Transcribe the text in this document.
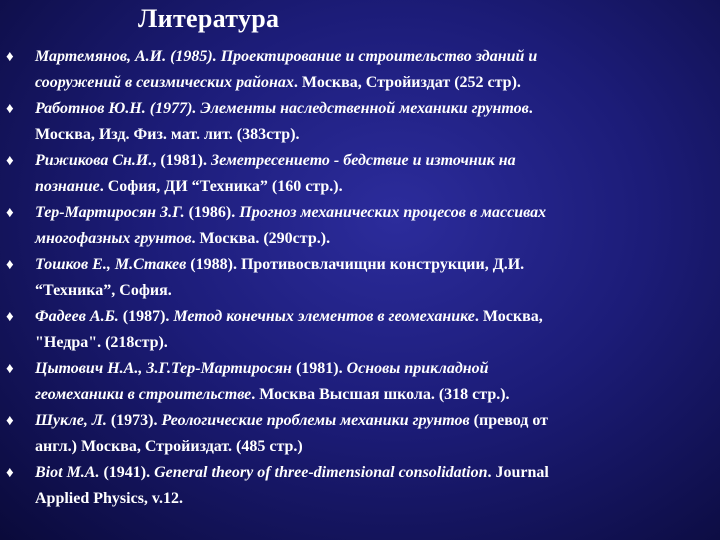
Литература
♦	Мартемянов, А.И. (1985). Проектирование и строительство зданий и
сооружений в сеизмических районах. Москва, Стройиздат (252 стр).
♦	Работнов Ю.Н. (1977). Элементы наследственной механики грунтов.
Москва, Изд. Физ. мат. лит. (383стр).
♦	Рижикова Сн.И., (1981). Земетресението - бедствие и източник на
познание. София, ДИ “Техника” (160 стр.).
♦	Тер-Мартиросян З.Г. (1986). Прогноз механических процесов в массивах
многофазных грунтов. Москва. (290стр.).
♦	Тошков Е., М.Стакев (1988). Противосвлачищни конструкции, Д.И.
“Техника”, София.
♦	Фадеев А.Б. (1987). Метод конечных элементов в геомеханике. Москва,
"Недра". (218стр).
♦	Цытович Н.А., З.Г.Тер-Мартиросян (1981). Основы прикладной
геомеханики в строительстве. Москва Высшая школа. (318 стр.).
♦	Шукле, Л. (1973). Реологические проблемы механики грунтов (превод от
англ.) Москва, Стройиздат. (485 стр.)
♦	Biot M.A. (1941). General theory of three-dimensional consolidation. Journal
Applied Physics, v.12.
